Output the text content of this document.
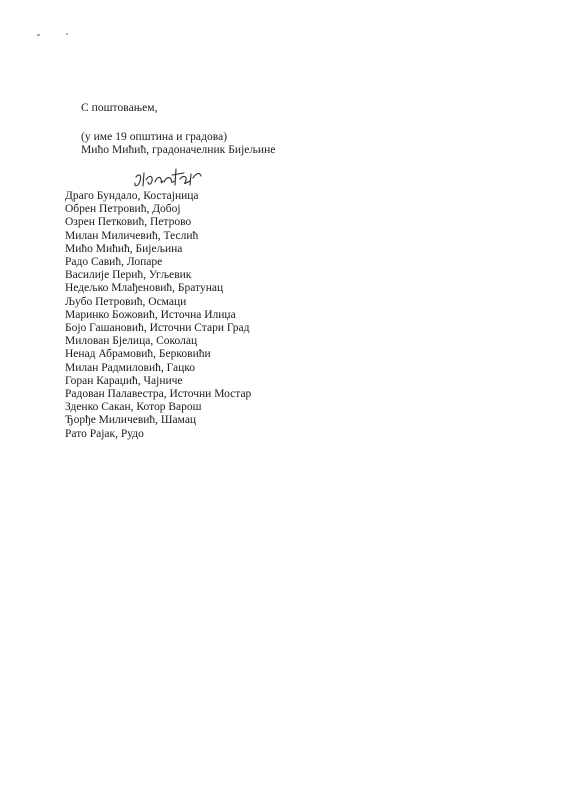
С поштовањем,
(у име 19 општина и градова)
Мићо Мићић, градоначелник Бијељине
Драго Бундало, Костајница
Обрен Петровић, Добој
Озрен Петковић, Петрово
Милан Миличевић, Теслић
Мићо Мићић, Бијељина
Радо Савић, Лопаре
Василије Перић, Угљевик
Недељко Млађеновић, Братунац
Љубо Петровић, Осмаци
Маринко Божовић, Источна Илиџа
Бојо Гашановић, Источни Стари Град
Милован Бјелица, Соколац
Ненад Абрамовић, Берковићи
Милан Радмиловић, Гацко
Горан Караџић, Чајниче
Радован Палавестра, Источни Мостар
Зденко Сакан, Котор Варош
Ђорђе Миличевић, Шамац
Рато Рајак, Рудо
